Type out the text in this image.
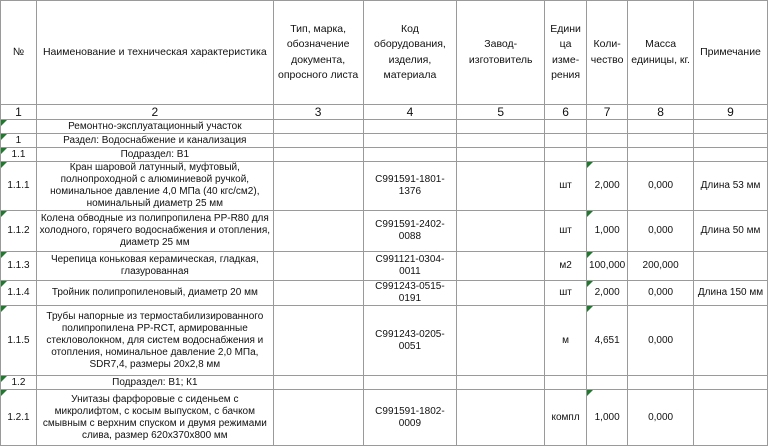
№	Наименование и техническая характеристика	Тип, марка, обозначение документа, опросного листа	Код оборудования, изделия, материала	Завод-изготовитель	Едини ца изме- рения	Коли- чество	Масса единицы, кг.	Примечание
1	2	3	4	5	6	7	8	9
	Ремонтно-эксплуатационный участок							
1	Раздел: Водоснабжение и канализация							
1.1	Подраздел: В1							
1.1.1	Кран шаровой латунный, муфтовый, полнопроходной с алюминиевой ручкой, номинальное давление 4,0 МПа (40 кгс/см2), номинальный диаметр 25 мм		С991591-1801-1376		шт	2,000	0,000	Длина 53 мм
1.1.2	Колена обводные из полипропилена PP-R80 для холодного, горячего водоснабжения и отопления, диаметр 25 мм		С991591-2402-0088		шт	1,000	0,000	Длина 50 мм
1.1.3	Черепица коньковая керамическая, гладкая, глазурованная		С991121-0304-0011		м2	100,000	200,000	
1.1.4	Тройник полипропиленовый, диаметр 20 мм		С991243-0515-0191		шт	2,000	0,000	Длина 150 мм
1.1.5	Трубы напорные из термостабилизированного полипропилена PP-RCT, армированные стекловолокном, для систем водоснабжения и отопления, номинальное давление 2,0 МПа, SDR7,4, размеры 20х2,8 мм		С991243-0205-0051		м	4,651	0,000	
1.2	Подраздел: В1; К1							
1.2.1	Унитазы фарфоровые с сиденьем с микролифтом, с косым выпуском, с бачком смывным с верхним спуском и двумя режимами слива, размер 620х370х800 мм		С991591-1802-0009		компл	1,000	0,000	
